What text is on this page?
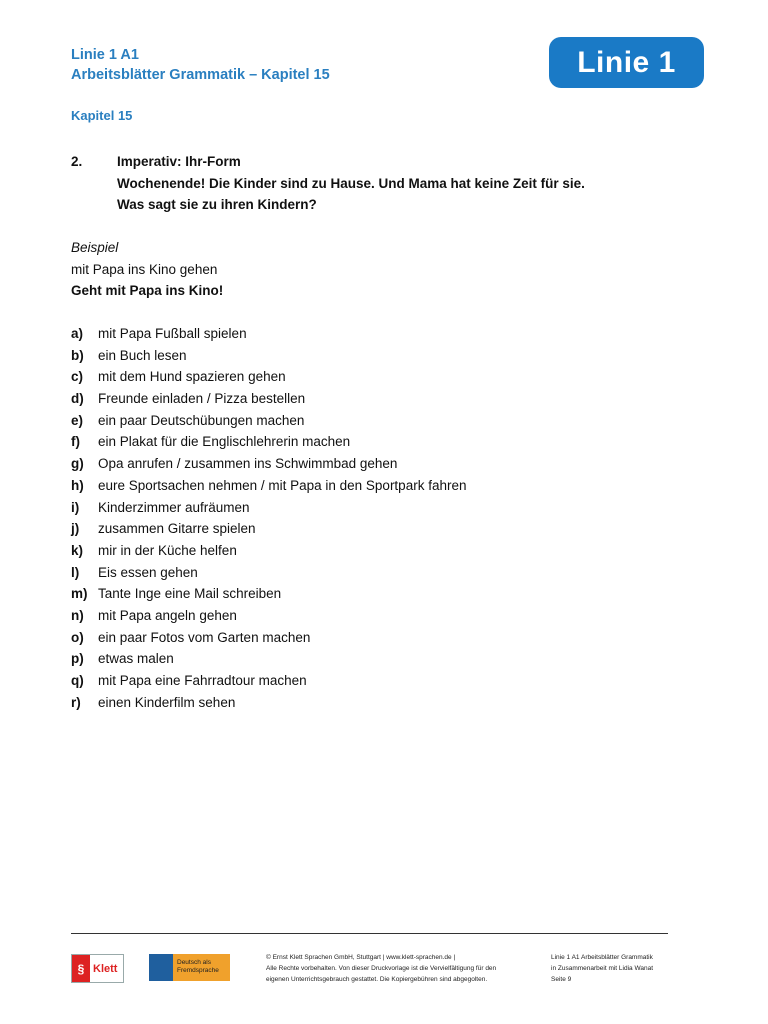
Linie 1 A1
Arbeitsblätter Grammatik – Kapitel 15	Linie 1
Kapitel 15
2.	Imperativ: Ihr-Form
Wochenende! Die Kinder sind zu Hause. Und Mama hat keine Zeit für sie.
Was sagt sie zu ihren Kindern?
Beispiel
mit Papa ins Kino gehen
Geht mit Papa ins Kino!
a) mit Papa Fußball spielen
b) ein Buch lesen
c) mit dem Hund spazieren gehen
d) Freunde einladen / Pizza bestellen
e) ein paar Deutschübungen machen
f) ein Plakat für die Englischlehrerin machen
g) Opa anrufen / zusammen ins Schwimmbad gehen
h) eure Sportsachen nehmen / mit Papa in den Sportpark fahren
i) Kinderzimmer aufräumen
j) zusammen Gitarre spielen
k) mir in der Küche helfen
l) Eis essen gehen
m) Tante Inge eine Mail schreiben
n) mit Papa angeln gehen
o) ein paar Fotos vom Garten machen
p) etwas malen
q) mit Papa eine Fahrradtour machen
r) einen Kinderfilm sehen
§ Klett	Deutsch als Fremdsprache
© Ernst Klett Sprachen GmbH, Stuttgart | www.klett-sprachen.de |
Alle Rechte vorbehalten. Von dieser Druckvorlage ist die Vervielfältigung für den
eigenen Unterrichtsgebrauch gestattet. Die Kopiergebühren sind abgegolten.
Linie 1 A1 Arbeitsblätter Grammatik
in Zusammenarbeit mit Lidia Wanat
Seite 9
